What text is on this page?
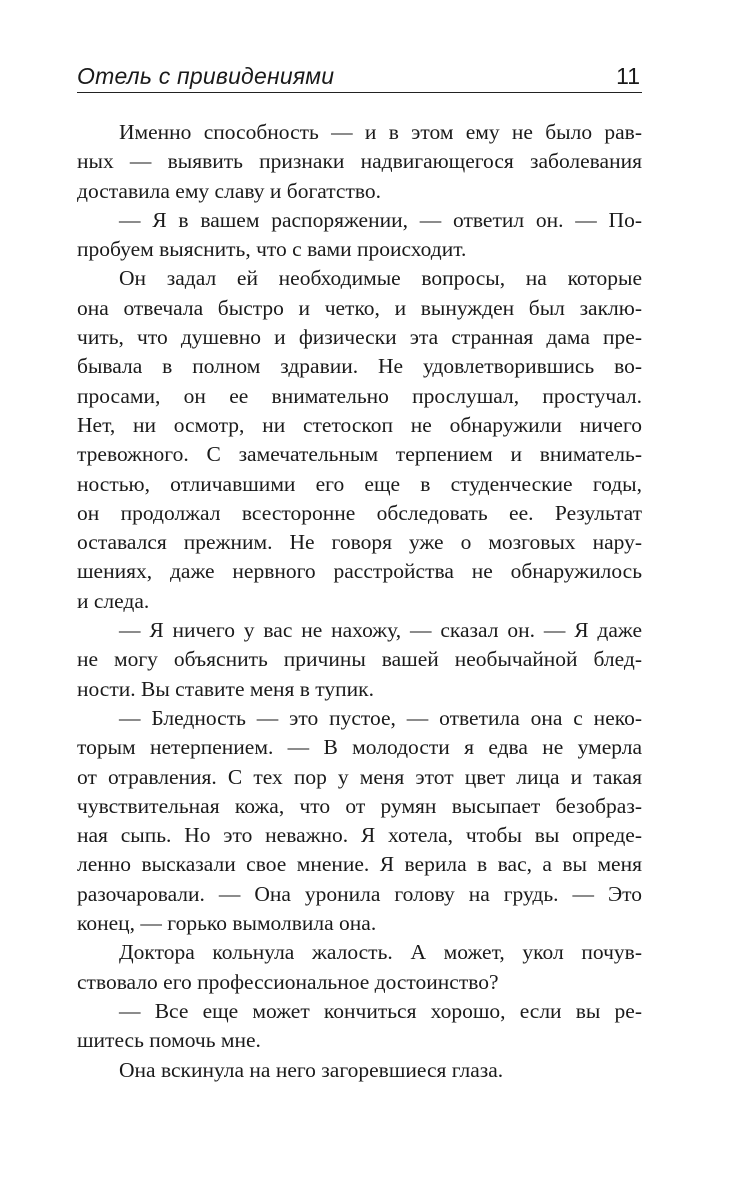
Отель с привидениями	11
Именно способность — и в этом ему не было рав-
ных — выявить признаки надвигающегося заболевания
доставила ему славу и богатство.
— Я в вашем распоряжении, — ответил он. — По-
пробуем выяснить, что с вами происходит.
Он задал ей необходимые вопросы, на которые
она отвечала быстро и четко, и вынужден был заклю-
чить, что душевно и физически эта странная дама пре-
бывала в полном здравии. Не удовлетворившись во-
просами, он ее внимательно прослушал, простучал.
Нет, ни осмотр, ни стетоскоп не обнаружили ничего
тревожного. С замечательным терпением и вниматель-
ностью, отличавшими его еще в студенческие годы,
он продолжал всесторонне обследовать ее. Результат
оставался прежним. Не говоря уже о мозговых нару-
шениях, даже нервного расстройства не обнаружилось
и следа.
— Я ничего у вас не нахожу, — сказал он. — Я даже
не могу объяснить причины вашей необычайной блед-
ности. Вы ставите меня в тупик.
— Бледность — это пустое, — ответила она с неко-
торым нетерпением. — В молодости я едва не умерла
от отравления. С тех пор у меня этот цвет лица и такая
чувствительная кожа, что от румян высыпает безобраз-
ная сыпь. Но это неважно. Я хотела, чтобы вы опреде-
ленно высказали свое мнение. Я верила в вас, а вы меня
разочаровали. — Она уронила голову на грудь. — Это
конец, — горько вымолвила она.
Доктора кольнула жалость. А может, укол почув-
ствовало его профессиональное достоинство?
— Все еще может кончиться хорошо, если вы ре-
шитесь помочь мне.
Она вскинула на него загоревшиеся глаза.
